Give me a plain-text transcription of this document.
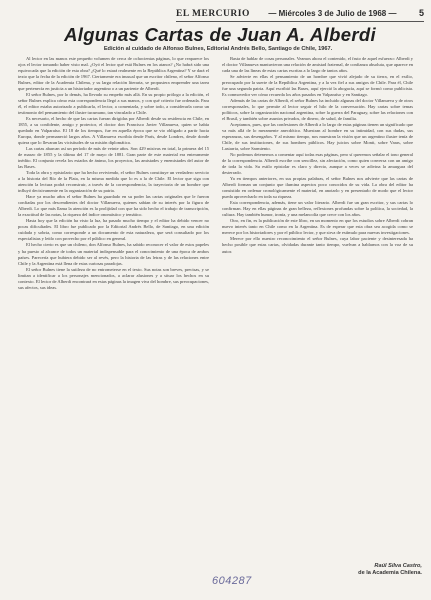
EL MERCURIO — Miércoles 3 de Julio de 1968 —	5
Algunas Cartas de Juan A. Alberdi
Edición al cuidado de Alfonso Bulnes, Editorial Andrés Bello, Santiago de Chile, 1967.

Al lector en las manos este pequeño volumen de cerca de ochocientas páginas, lo que reaparece los ojos el lector tomando haber visto mal. ¿Oyó el lector qué está Bulnes en los atanos? ¿No habrá sido una equivocada que la edición de esta obra? ¿Qué lo estará realmente en la República Argentina? Y se dará el texto que la fecha de la edición de 1967. Ciertamente era inusual que un escritor chileno, el señor Alfonso Bulnes, editor de la Academia Chilena, y su larga relación literaria, se propusiera emprender una tarea que pertenecía en justicia a un historiador argentino o a un pariente de Alberdi.

El señor Bulnes, por lo demás, ha llevado su empeño más allá. En su propio prólogo a la edición, el señor Bulnes explica cómo esta correspondencia llegó a sus manos, y con qué criterio fue ordenada. Para él, el editor estaba autorizado a publicarla, el lector, a comentarla, y sobre todo, a considerarla como un testimonio del pensamiento del ilustre tucumano, tan vinculado a Chile.

Es necesario, el hecho de que las cartas fueran dirigidas por Alberdi desde su residencia en Chile, en 1855, a su confidente, amigo y protector, el doctor don Francisco Javier Villanueva, quien se había quedado en Valparaíso. El 18 de los tiempos, fue en aquella época que se vio obligado a partir hacia Europa, donde permaneció largos años. A Villanueva escribía desde París, desde Londres, desde donde quiera que lo llevaran las vicisitudes de su misión diplomática.

Las cartas abarcan así un período de más de veinte años. Son 429 misivas en total, la primera del 15 de marzo de 1855 y la última del 17 de mayo de 1881. Gran parte de este material era enteramente inédito. El conjunto revela los estados de ánimo, los proyectos, las amistades y enemistades del autor de las Bases.

Toda la obra y epistolario que ha hecho reviviendo, el señor Bulnes constituye un verdadero servicio a la historia del Río de la Plata, en la misma medida que lo es a la de Chile. El lector que siga con atención la lectura podrá reconstruir, a través de la correspondencia, la trayectoria de un hombre que influyó decisivamente en la organización de su patria.

Hace ya mucho años el señor Bulnes ha guardado en su poder las cartas originales que le fueron confiadas por los descendientes del doctor Villanueva, quienes sabían de su interés por la figura de Alberdi. Lo que más llama la atención es la prolijidad con que ha sido hecho el trabajo de transcripción, la exactitud de las notas, la riqueza del índice onomástico y temático.

Hasta hoy que la edición ha visto la luz, ha pasado mucho tiempo y el editor ha debido vencer no pocas dificultades. El libro fue publicado por la Editorial Andrés Bello, de Santiago, en una edición cuidada y sobria, como corresponde a un documento de esta naturaleza, que será consultado por los especialistas y leído con provecho por el público en general.

El hecho cierto es que un chileno, don Alfonso Bulnes, ha sabido reconocer el valor de estos papeles y ha puesto al alcance de todos un material indispensable para el conocimiento de una época de ambos países. Parecería que hubiera debido ser al revés, pero la historia de las letras y de las relaciones entre Chile y la Argentina está llena de estas curiosas paradojas.

El señor Bulnes tiene la sutileza de no entrometerse en el texto. Sus notas son breves, precisas, y se limitan a identificar a los personajes mencionados, a aclarar alusiones y a situar los hechos en su contexto. El lector de Alberdi encontrará en estas páginas la imagen viva del hombre, sus preocupaciones, sus afectos, sus ideas.

Basta de hablar de cosas personales. Veamos ahora el contenido, el fruto de aquel esfuerzo: Alberdi y el doctor Villanueva mantuvieron una relación de amistad fraternal, de confianza absoluta, que aparece en cada una de las líneas de estas cartas escritas a lo largo de tantos años.

Se advierte en ellas el pensamiento de un hombre que vivió alejado de su tierra, en el exilio, preocupado por la suerte de la República Argentina, y a la vez fiel a sus amigos de Chile. Para él, Chile fue una segunda patria. Aquí escribió las Bases, aquí ejerció la abogacía, aquí se formó como publicista. Es conmovedor ver cómo recuerda los años pasados en Valparaíso y en Santiago.

Además de las cartas de Alberdi, el señor Bulnes ha incluido algunas del doctor Villanueva y de otros corresponsales, lo que permite al lector seguir el hilo de la conversación. Hay cartas sobre temas políticos, sobre la organización nacional argentina, sobre la guerra del Paraguay, sobre las relaciones con el Brasil, y también sobre asuntos privados, de dinero, de salud, de familia.

Aceptamos, pues, que las confesiones de Alberdi a lo largo de estas páginas tienen un significado que va más allá de lo meramente anecdótico. Muestran al hombre en su intimidad, con sus dudas, sus esperanzas, sus desengaños. Y al mismo tiempo, nos muestran la visión que un argentino ilustre tenía de Chile, de sus instituciones, de sus hombres públicos. Hay juicios sobre Montt, sobre Varas, sobre Lastarria, sobre Sarmiento.

No podemos detenernos a comentar aquí todas esas páginas, pero sí queremos señalar el tono general de la correspondencia. Alberdi escribe con sencillez, sin afectación, como quien conversa con un amigo de toda la vida. Su estilo epistolar es claro y directo, aunque a veces se adivina la amargura del desterrado.

Ya en tiempos anteriores, en sus propias palabras, el señor Bulnes nos advierte que las cartas de Alberdi forman un conjunto que ilumina aspectos poco conocidos de su vida. La obra del editor ha consistido en ordenar cronológicamente el material, en anotarlo y en presentarlo de modo que el lector pueda aprovecharlo en toda su riqueza.

Esta correspondencia, además, tiene un valor literario. Alberdi fue un gran escritor, y sus cartas lo confirman. Hay en ellas páginas de gran belleza, reflexiones profundas sobre la política, la sociedad, la cultura. Hay también humor, ironía, y una melancolía que crece con los años.

Otro, en fin, es la publicación de este libro, en un momento en que los estudios sobre Alberdi cobran nuevo interés tanto en Chile como en la Argentina. Es de esperar que esta obra sea acogida como se merece por los historiadores y por el público lector, y que sirva de estímulo para nuevas investigaciones.

Merece por ello nuestro reconocimiento el señor Bulnes, cuya labor paciente y desinteresada ha hecho posible que estas cartas, olvidadas durante tanto tiempo, vuelvan a hablarnos con la voz de su autor.

Raúl Silva Castro,
de la Academia Chilena.
604287
